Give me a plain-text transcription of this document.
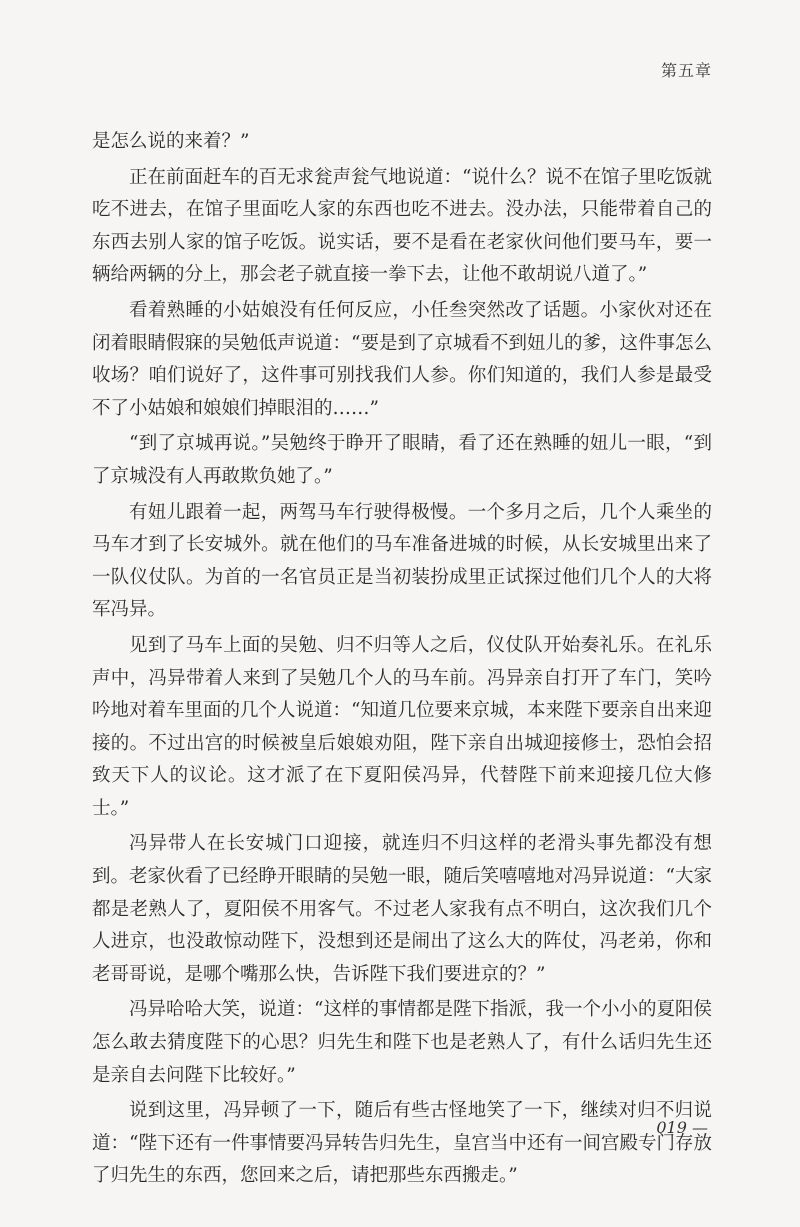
第五章

是怎么说的来着？”

正在前面赶车的百无求瓮声瓮气地说道：“说什么？说不在馆子里吃饭就吃不进去，在馆子里面吃人家的东西也吃不进去。没办法，只能带着自己的东西去别人家的馆子吃饭。说实话，要不是看在老家伙问他们要马车，要一辆给两辆的分上，那会老子就直接一拳下去，让他不敢胡说八道了。”

看着熟睡的小姑娘没有任何反应，小任叁突然改了话题。小家伙对还在闭着眼睛假寐的吴勉低声说道：“要是到了京城看不到妞儿的爹，这件事怎么收场？咱们说好了，这件事可别找我们人参。你们知道的，我们人参是最受不了小姑娘和娘娘们掉眼泪的……”

“到了京城再说。”吴勉终于睁开了眼睛，看了还在熟睡的妞儿一眼，“到了京城没有人再敢欺负她了。”

有妞儿跟着一起，两驾马车行驶得极慢。一个多月之后，几个人乘坐的马车才到了长安城外。就在他们的马车准备进城的时候，从长安城里出来了一队仪仗队。为首的一名官员正是当初装扮成里正试探过他们几个人的大将军冯异。

见到了马车上面的吴勉、归不归等人之后，仪仗队开始奏礼乐。在礼乐声中，冯异带着人来到了吴勉几个人的马车前。冯异亲自打开了车门，笑吟吟地对着车里面的几个人说道：“知道几位要来京城，本来陛下要亲自出来迎接的。不过出宫的时候被皇后娘娘劝阻，陛下亲自出城迎接修士，恐怕会招致天下人的议论。这才派了在下夏阳侯冯异，代替陛下前来迎接几位大修士。”

冯异带人在长安城门口迎接，就连归不归这样的老滑头事先都没有想到。老家伙看了已经睁开眼睛的吴勉一眼，随后笑嘻嘻地对冯异说道：“大家都是老熟人了，夏阳侯不用客气。不过老人家我有点不明白，这次我们几个人进京，也没敢惊动陛下，没想到还是闹出了这么大的阵仗，冯老弟，你和老哥哥说，是哪个嘴那么快，告诉陛下我们要进京的？”

冯异哈哈大笑，说道：“这样的事情都是陛下指派，我一个小小的夏阳侯怎么敢去猜度陛下的心思？归先生和陛下也是老熟人了，有什么话归先生还是亲自去问陛下比较好。”

说到这里，冯异顿了一下，随后有些古怪地笑了一下，继续对归不归说道：“陛下还有一件事情要冯异转告归先生，皇宫当中还有一间宫殿专门存放了归先生的东西，您回来之后，请把那些东西搬走。”

019 —
